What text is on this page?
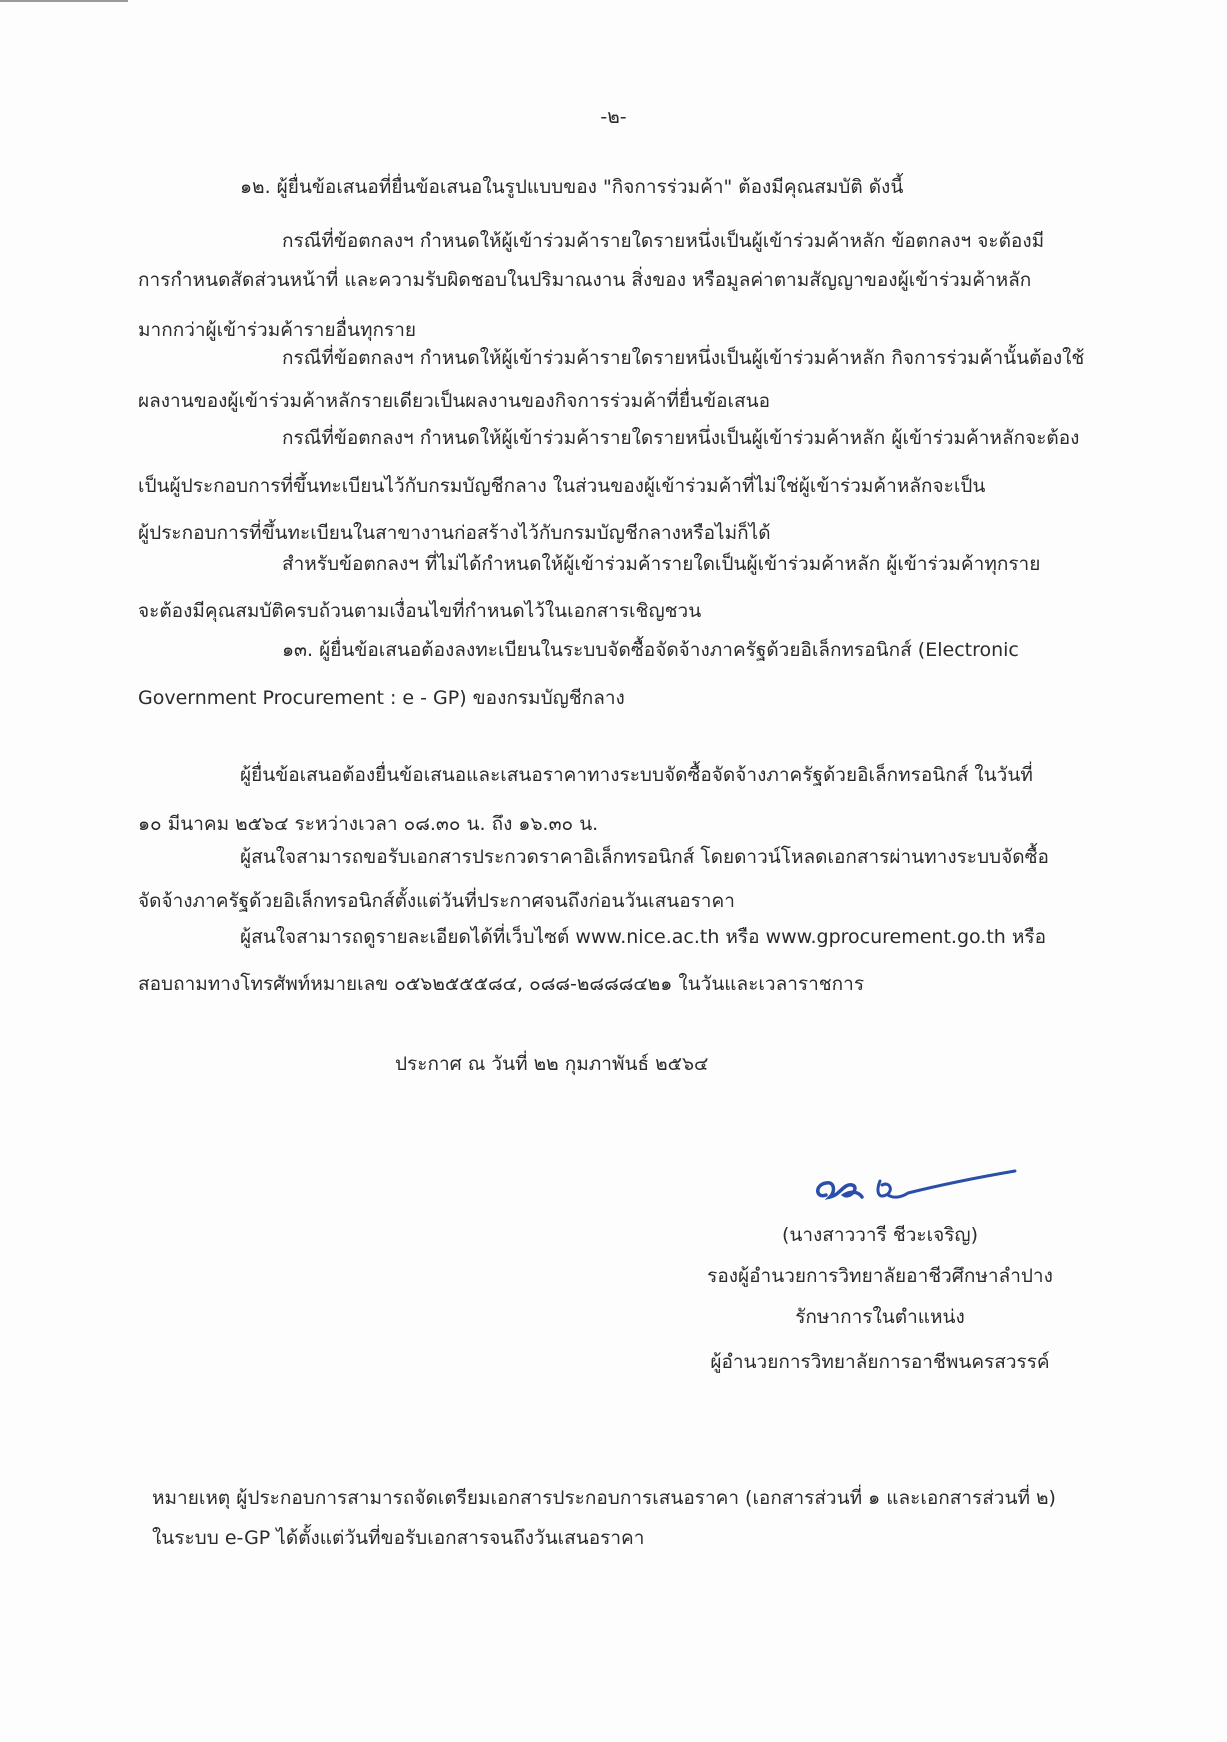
-๒-
๑๒. ผู้ยื่นข้อเสนอที่ยื่นข้อเสนอในรูปแบบของ "กิจการร่วมค้า" ต้องมีคุณสมบัติ ดังนี้
กรณีที่ข้อตกลงฯ กำหนดให้ผู้เข้าร่วมค้ารายใดรายหนึ่งเป็นผู้เข้าร่วมค้าหลัก ข้อตกลงฯ จะต้องมี
การกำหนดสัดส่วนหน้าที่ และความรับผิดชอบในปริมาณงาน สิ่งของ หรือมูลค่าตามสัญญาของผู้เข้าร่วมค้าหลัก
มากกว่าผู้เข้าร่วมค้ารายอื่นทุกราย
กรณีที่ข้อตกลงฯ กำหนดให้ผู้เข้าร่วมค้ารายใดรายหนึ่งเป็นผู้เข้าร่วมค้าหลัก กิจการร่วมค้านั้นต้องใช้
ผลงานของผู้เข้าร่วมค้าหลักรายเดียวเป็นผลงานของกิจการร่วมค้าที่ยื่นข้อเสนอ
กรณีที่ข้อตกลงฯ กำหนดให้ผู้เข้าร่วมค้ารายใดรายหนึ่งเป็นผู้เข้าร่วมค้าหลัก ผู้เข้าร่วมค้าหลักจะต้อง
เป็นผู้ประกอบการที่ขึ้นทะเบียนไว้กับกรมบัญชีกลาง ในส่วนของผู้เข้าร่วมค้าที่ไม่ใช่ผู้เข้าร่วมค้าหลักจะเป็น
ผู้ประกอบการที่ขึ้นทะเบียนในสาขางานก่อสร้างไว้กับกรมบัญชีกลางหรือไม่ก็ได้
สำหรับข้อตกลงฯ ที่ไม่ได้กำหนดให้ผู้เข้าร่วมค้ารายใดเป็นผู้เข้าร่วมค้าหลัก ผู้เข้าร่วมค้าทุกราย
จะต้องมีคุณสมบัติครบถ้วนตามเงื่อนไขที่กำหนดไว้ในเอกสารเชิญชวน
๑๓. ผู้ยื่นข้อเสนอต้องลงทะเบียนในระบบจัดซื้อจัดจ้างภาครัฐด้วยอิเล็กทรอนิกส์ (Electronic
Government Procurement : e - GP) ของกรมบัญชีกลาง
ผู้ยื่นข้อเสนอต้องยื่นข้อเสนอและเสนอราคาทางระบบจัดซื้อจัดจ้างภาครัฐด้วยอิเล็กทรอนิกส์ ในวันที่
๑๐ มีนาคม ๒๕๖๔ ระหว่างเวลา ๐๘.๓๐ น. ถึง ๑๖.๓๐ น.
ผู้สนใจสามารถขอรับเอกสารประกวดราคาอิเล็กทรอนิกส์ โดยดาวน์โหลดเอกสารผ่านทางระบบจัดซื้อ
จัดจ้างภาครัฐด้วยอิเล็กทรอนิกส์ตั้งแต่วันที่ประกาศจนถึงก่อนวันเสนอราคา
ผู้สนใจสามารถดูรายละเอียดได้ที่เว็บไซต์ www.nice.ac.th หรือ www.gprocurement.go.th หรือ
สอบถามทางโทรศัพท์หมายเลข ๐๕๖๒๕๕๕๘๔, ๐๘๘-๒๘๘๘๔๒๑ ในวันและเวลาราชการ
ประกาศ ณ วันที่ ๒๒ กุมภาพันธ์ ๒๕๖๔
(นางสาววารี ชีวะเจริญ)
รองผู้อำนวยการวิทยาลัยอาชีวศึกษาลำปาง
รักษาการในตำแหน่ง
ผู้อำนวยการวิทยาลัยการอาชีพนครสวรรค์
หมายเหตุ ผู้ประกอบการสามารถจัดเตรียมเอกสารประกอบการเสนอราคา (เอกสารส่วนที่ ๑ และเอกสารส่วนที่ ๒)
ในระบบ e-GP ได้ตั้งแต่วันที่ขอรับเอกสารจนถึงวันเสนอราคา
